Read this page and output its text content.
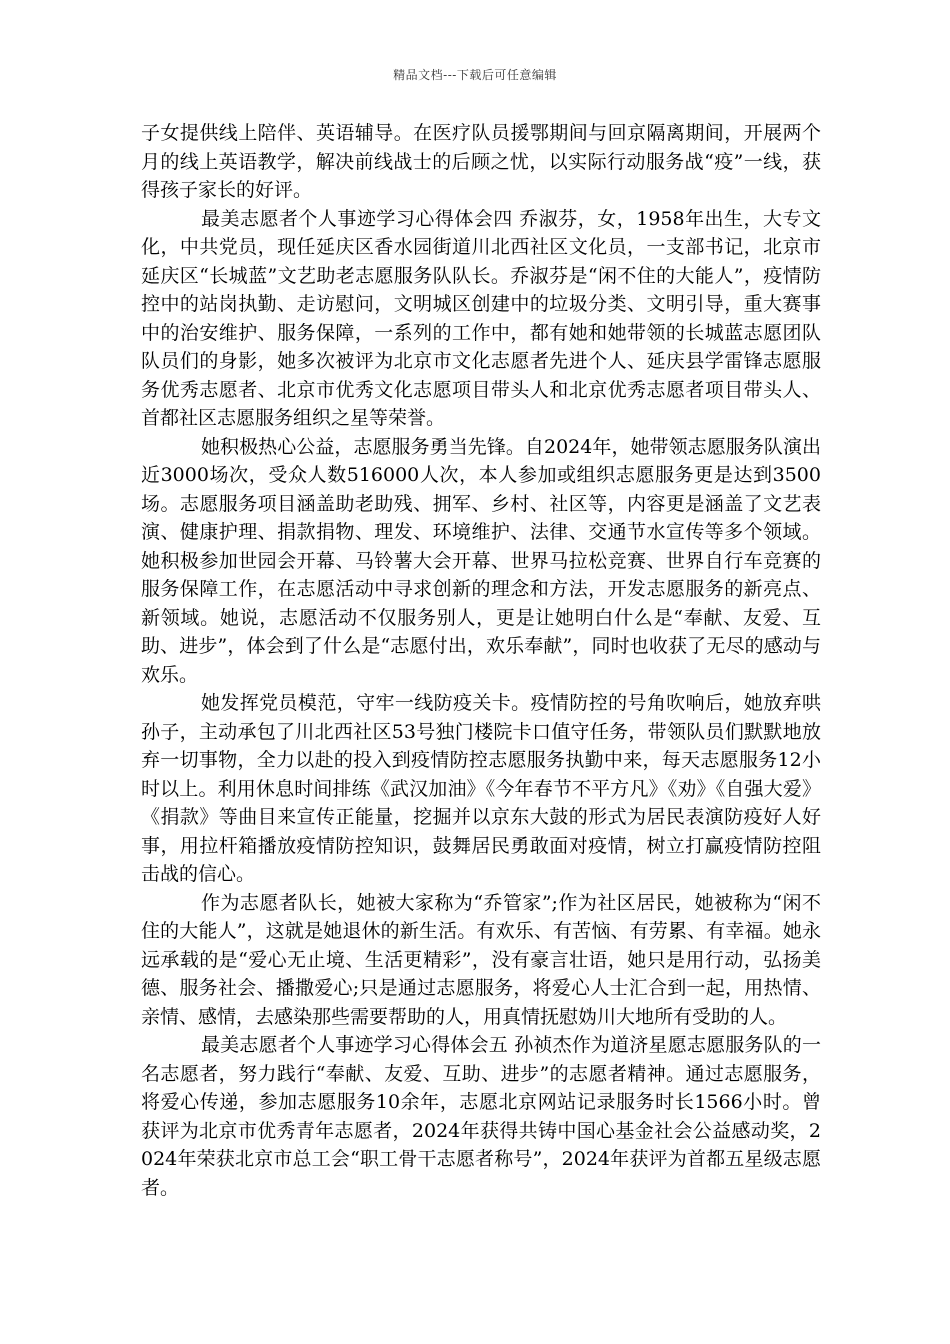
精品文档---下载后可任意编辑

子女提供线上陪伴、英语辅导。在医疗队员援鄂期间与回京隔离期间，开展两个月的线上英语教学，解决前线战士的后顾之忧，以实际行动服务战“疫”一线，获得孩子家长的好评。

最美志愿者个人事迹学习心得体会四 乔淑芬，女，1958年出生，大专文化，中共党员，现任延庆区香水园街道川北西社区文化员，一支部书记，北京市延庆区“长城蓝”文艺助老志愿服务队队长。乔淑芬是“闲不住的大能人”，疫情防控中的站岗执勤、走访慰问，文明城区创建中的垃圾分类、文明引导，重大赛事中的治安维护、服务保障，一系列的工作中，都有她和她带领的长城蓝志愿团队队员们的身影，她多次被评为北京市文化志愿者先进个人、延庆县学雷锋志愿服务优秀志愿者、北京市优秀文化志愿项目带头人和北京优秀志愿者项目带头人、首都社区志愿服务组织之星等荣誉。

她积极热心公益，志愿服务勇当先锋。自2024年，她带领志愿服务队演出近3000场次，受众人数516000人次，本人参加或组织志愿服务更是达到3500场。志愿服务项目涵盖助老助残、拥军、乡村、社区等，内容更是涵盖了文艺表演、健康护理、捐款捐物、理发、环境维护、法律、交通节水宣传等多个领域。她积极参加世园会开幕、马铃薯大会开幕、世界马拉松竞赛、世界自行车竞赛的服务保障工作，在志愿活动中寻求创新的理念和方法，开发志愿服务的新亮点、新领域。她说，志愿活动不仅服务别人，更是让她明白什么是“奉献、友爱、互助、进步”，体会到了什么是“志愿付出，欢乐奉献”，同时也收获了无尽的感动与欢乐。

她发挥党员模范，守牢一线防疫关卡。疫情防控的号角吹响后，她放弃哄孙子，主动承包了川北西社区53号独门楼院卡口值守任务，带领队员们默默地放弃一切事物，全力以赴的投入到疫情防控志愿服务执勤中来，每天志愿服务12小时以上。利用休息时间排练《武汉加油》《今年春节不平方凡》《劝》《自强大爱》《捐款》等曲目来宣传正能量，挖掘并以京东大鼓的形式为居民表演防疫好人好事，用拉杆箱播放疫情防控知识，鼓舞居民勇敢面对疫情，树立打赢疫情防控阻击战的信心。

作为志愿者队长，她被大家称为“乔管家”;作为社区居民，她被称为“闲不住的大能人”，这就是她退休的新生活。有欢乐、有苦恼、有劳累、有幸福。她永远承载的是“爱心无止境、生活更精彩”，没有豪言壮语，她只是用行动，弘扬美德、服务社会、播撒爱心;只是通过志愿服务，将爱心人士汇合到一起，用热情、亲情、感情，去感染那些需要帮助的人，用真情抚慰妫川大地所有受助的人。

最美志愿者个人事迹学习心得体会五 孙祯杰作为道济星愿志愿服务队的一名志愿者，努力践行“奉献、友爱、互助、进步”的志愿者精神。通过志愿服务，将爱心传递，参加志愿服务10余年，志愿北京网站记录服务时长1566小时。曾获评为北京市优秀青年志愿者，2024年获得共铸中国心基金社会公益感动奖，2024年荣获北京市总工会“职工骨干志愿者称号”，2024年获评为首都五星级志愿者。
